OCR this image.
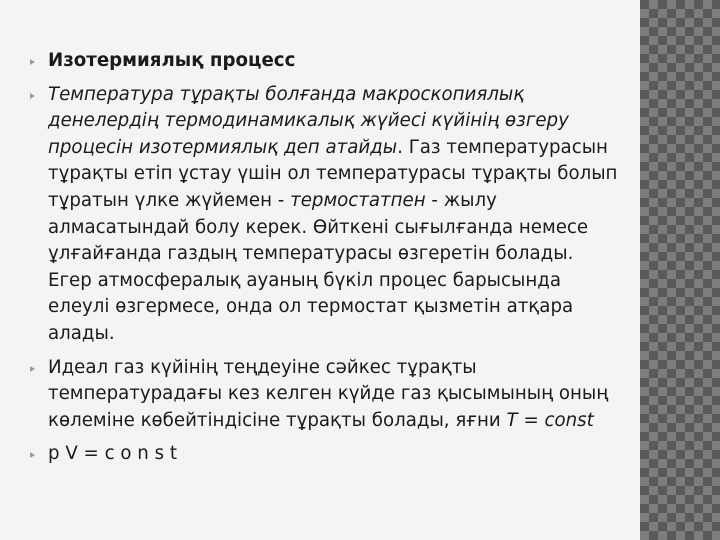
Изотермиялық процесс
Температура тұрақты болғанда макроскопиялық денелердің термодинамикалық жүйесі күйінің өзгеру процесін изотермиялық деп атайды. Газ температурасын тұрақты етіп ұстау үшін ол температурасы тұрақты болып тұратын үлке жүйемен - термостатпен - жылу алмасатындай болу керек. Өйткені сығылғанда немесе ұлғайғанда газдың температурасы өзгеретін болады. Егер атмосфералық ауаның бүкіл процес барысында елеулі өзгермесе, онда ол термостат қызметін атқара алады.
Идеал газ күйінің теңдеуіне сәйкес тұрақты температурадағы кез келген күйде газ қысымының оның көлеміне көбейтіндісіне тұрақты болады, яғни T = const
p V = c o n s t
